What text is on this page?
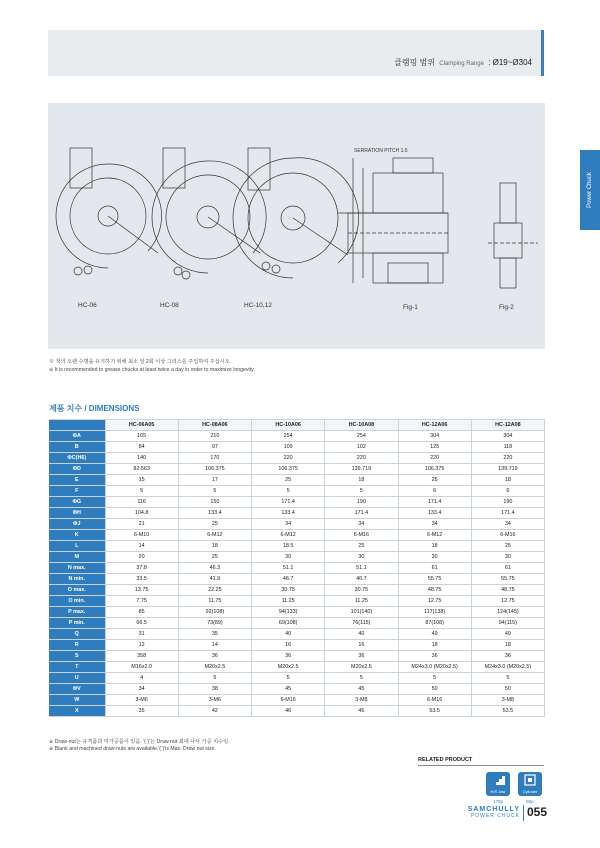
클램핑 범위 Clamping Range : Ø19~Ø304
Power Chuck
SERRATION PITCH 1.5
HC-06	HC-08	HC-10,12	Fig-1	Fig-2
※ 척의 오랜 수명을 유지하기 위해 최소 일 2회 이상 그리스를 주입하여 주십시오.
※ It is recommended to grease chucks at least twice a day in order to maximize longevity.
제품 치수 / DIMENSIONS
	HC-06A05	HC-08A06	HC-10A06	HC-10A08	HC-12A06	HC-12A08
ΦA	165	210	254	254	304	304
B	84	97	109	102	125	118
ΦC(H6)	140	170	220	220	220	220
ΦD	82.563	106.375	106.375	139.719	106.375	139.719
E	15	17	25	18	25	18
F	5	5	5	5	6	6
ΦG	116	150	171.4	190	171.4	190
ΦH	104.8	133.4	133.4	171.4	133.4	171.4
ΦJ	21	25	34	34	34	34
K	6-M10	6-M12	6-M12	6-M16	6-M12	6-M16
L	14	18	18.5	25	18	25
M	20	25	30	30	30	30
N max.	37.8	46.3	51.1	51.1	61	61
N min.	33.5	41.9	46.7	46.7	55.75	55.75
O max.	13.75	22.25	30.75	30.75	48.75	48.75
O min.	7.75	11.75	11.25	11.25	12.75	12.75
P max.	85	92(108)	94(133)	101(140)	117(138)	124(145)
P min.	66.5	73(89)	69(108)	76(115)	87(108)	94(115)
Q	31	35	40	40	49	49
R	12	14	16	16	18	18
S	358	36	36	36	36	36
T	M16x2.0	M20x2.5	M20x2.5	M20x2.5	M24x3.0 (M20x2.5)	M24x3.0 (M20x2.5)
U	4	5	5	5	5	5
ΦV	34	38	45	45	50	50
W	3-M6	3-M6	6-M16	3-M8	6-M16	3-M8
X	35	42	46	46	53.5	53.5
※ Draw-nut는 규격품과 미가공품이 있음. '( )'는 Draw nut 최대 나사 가공 치수임.
※ Blank and machined draw-nuts are available.'( )'is Max. Draw nut size.
RELATED PRODUCT
H/S Jaw
170p
Cylinder
92p
SAMCHULLY
POWER CHUCK 055
